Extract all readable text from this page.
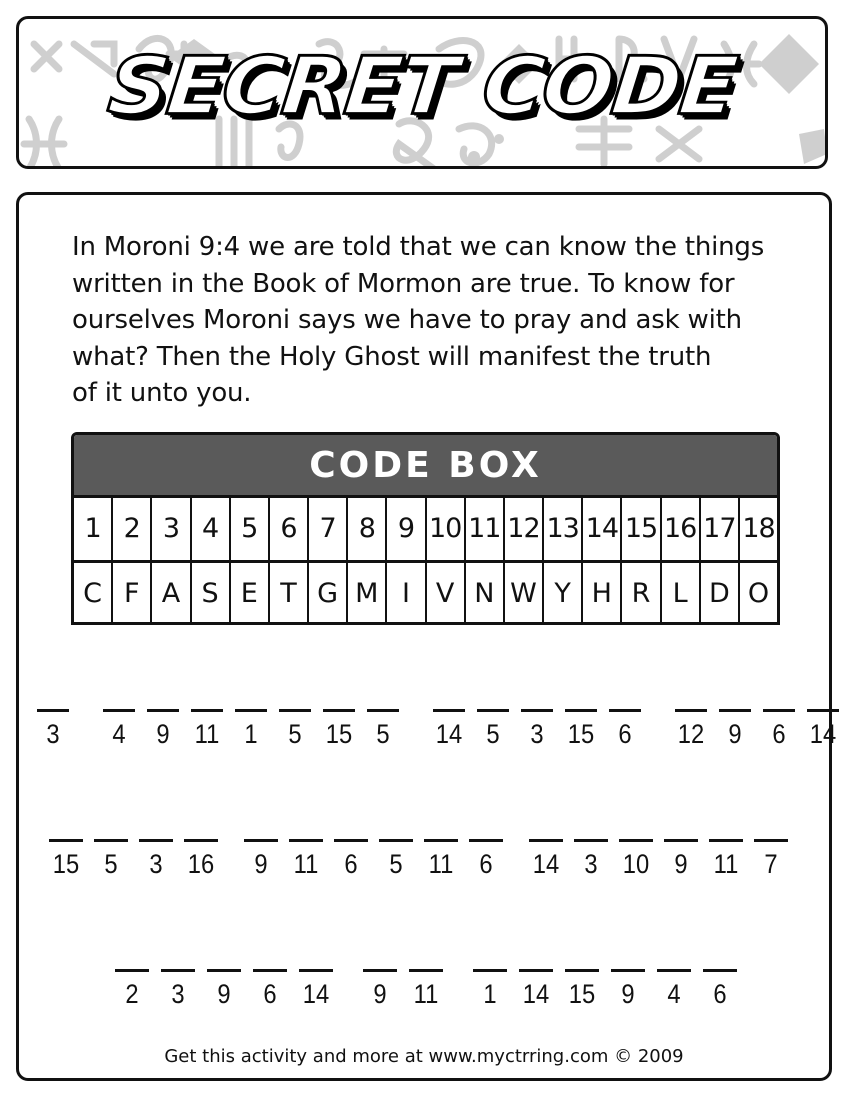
SECRET CODE

In Moroni 9:4 we are told that we can know the things
written in the Book of Mormon are true. To know for
ourselves Moroni says we have to pray and ask with
what? Then the Holy Ghost will manifest the truth
of it unto you.

CODE BOX
1 2 3 4 5 6 7 8 9 10 11 12 13 14 15 16 17 18
C F A S E T G M I V N W Y H R L D O
3	4	9 11 1	5 15 5	14 5	3 15 6	12 9	6 14
15 5	3 16	9 11 6	5 11 6	14 3 10 9 11 7
2	3	9	6 14	9	11	1 14 15 9	4	6
Get this activity and more at www.myctrring.com © 2009
